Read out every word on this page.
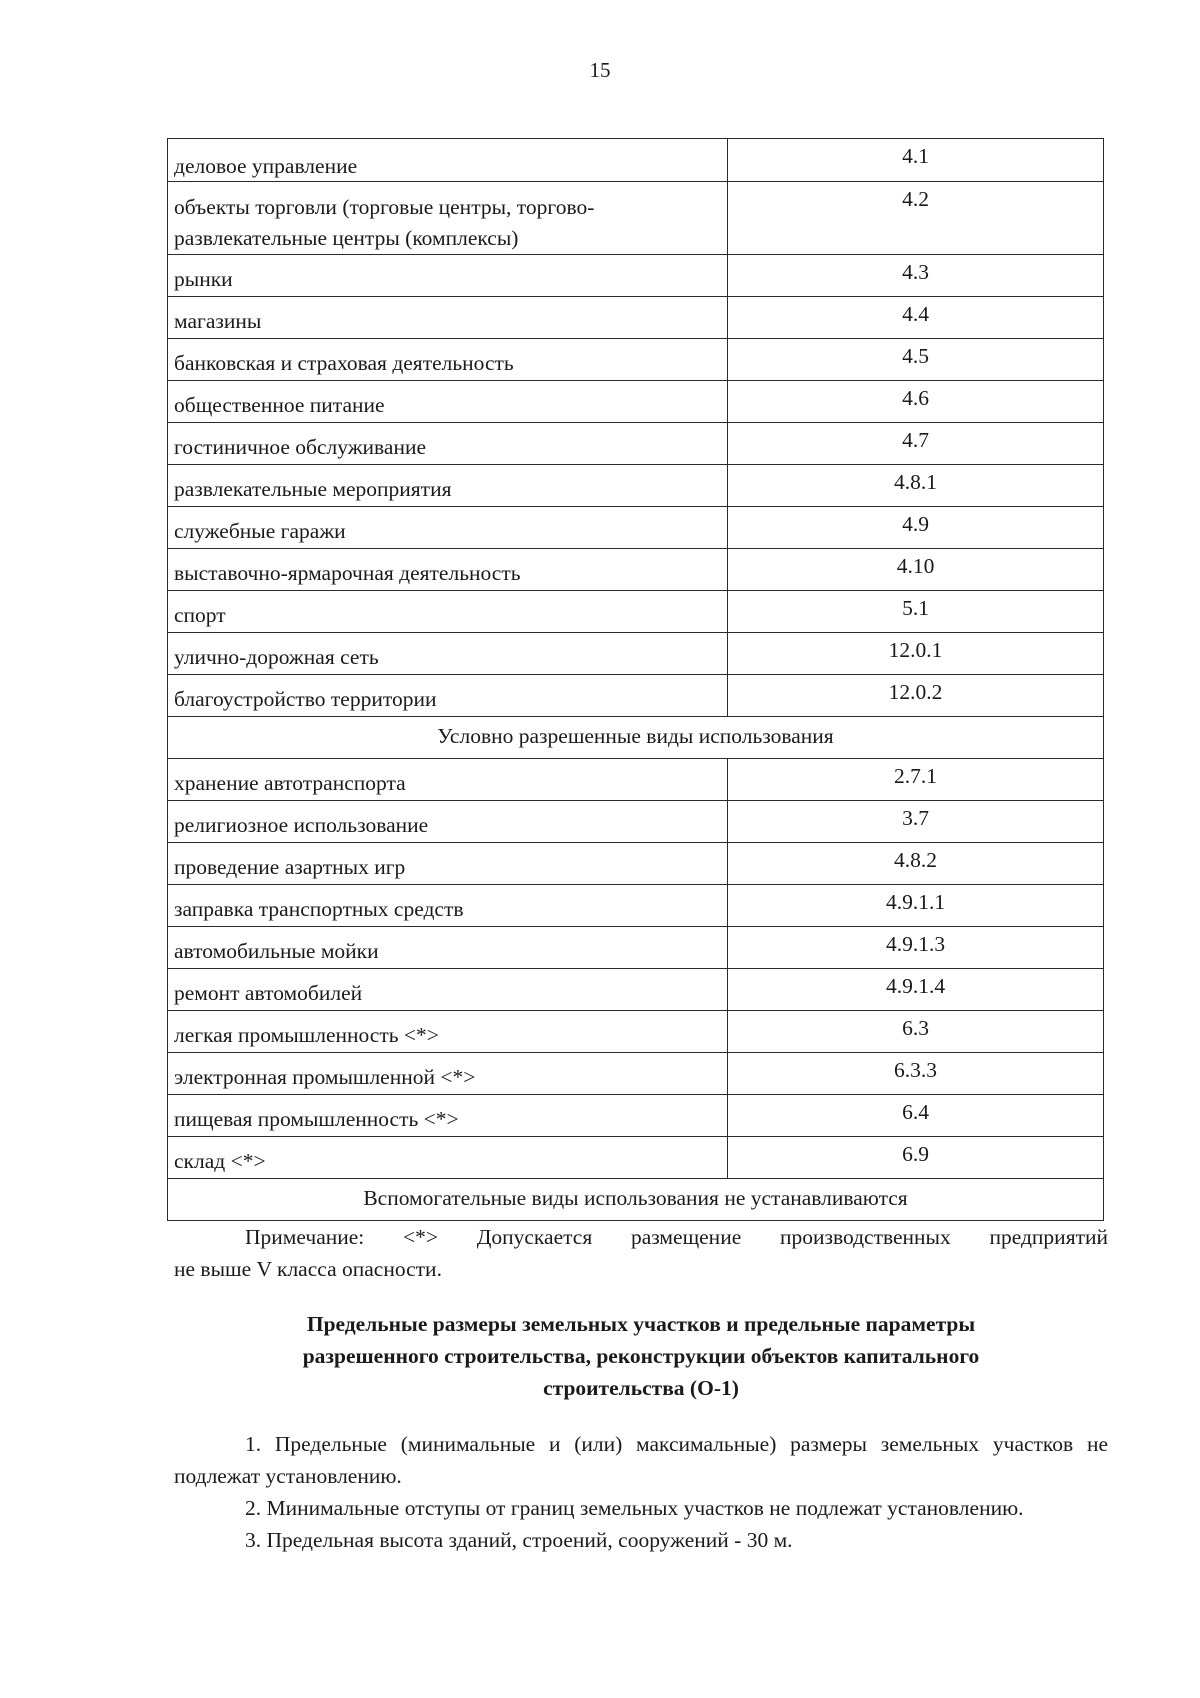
15
деловое управление	4.1
объекты торговли (торговые центры, торгово-развлекательные центры (комплексы)	4.2
рынки	4.3
магазины	4.4
банковская и страховая деятельность	4.5
общественное питание	4.6
гостиничное обслуживание	4.7
развлекательные мероприятия	4.8.1
служебные гаражи	4.9
выставочно-ярмарочная деятельность	4.10
спорт	5.1
улично-дорожная сеть	12.0.1
благоустройство территории	12.0.2
Условно разрешенные виды использования	
хранение автотранспорта	2.7.1
религиозное использование	3.7
проведение азартных игр	4.8.2
заправка транспортных средств	4.9.1.1
автомобильные мойки	4.9.1.3
ремонт автомобилей	4.9.1.4
легкая промышленность <*>	6.3
электронная промышленной <*>	6.3.3
пищевая промышленность <*>	6.4
склад <*>	6.9
Вспомогательные виды использования не устанавливаются	
Примечание: <*> Допускается размещение производственных предприятий
не выше V класса опасности.
Предельные размеры земельных участков и предельные параметры
разрешенного строительства, реконструкции объектов капитального
строительства (О-1)

1. Предельные (минимальные и (или) максимальные) размеры земельных участков не подлежат установлению.

2. Минимальные отступы от границ земельных участков не подлежат установлению.

3. Предельная высота зданий, строений, сооружений - 30 м.
